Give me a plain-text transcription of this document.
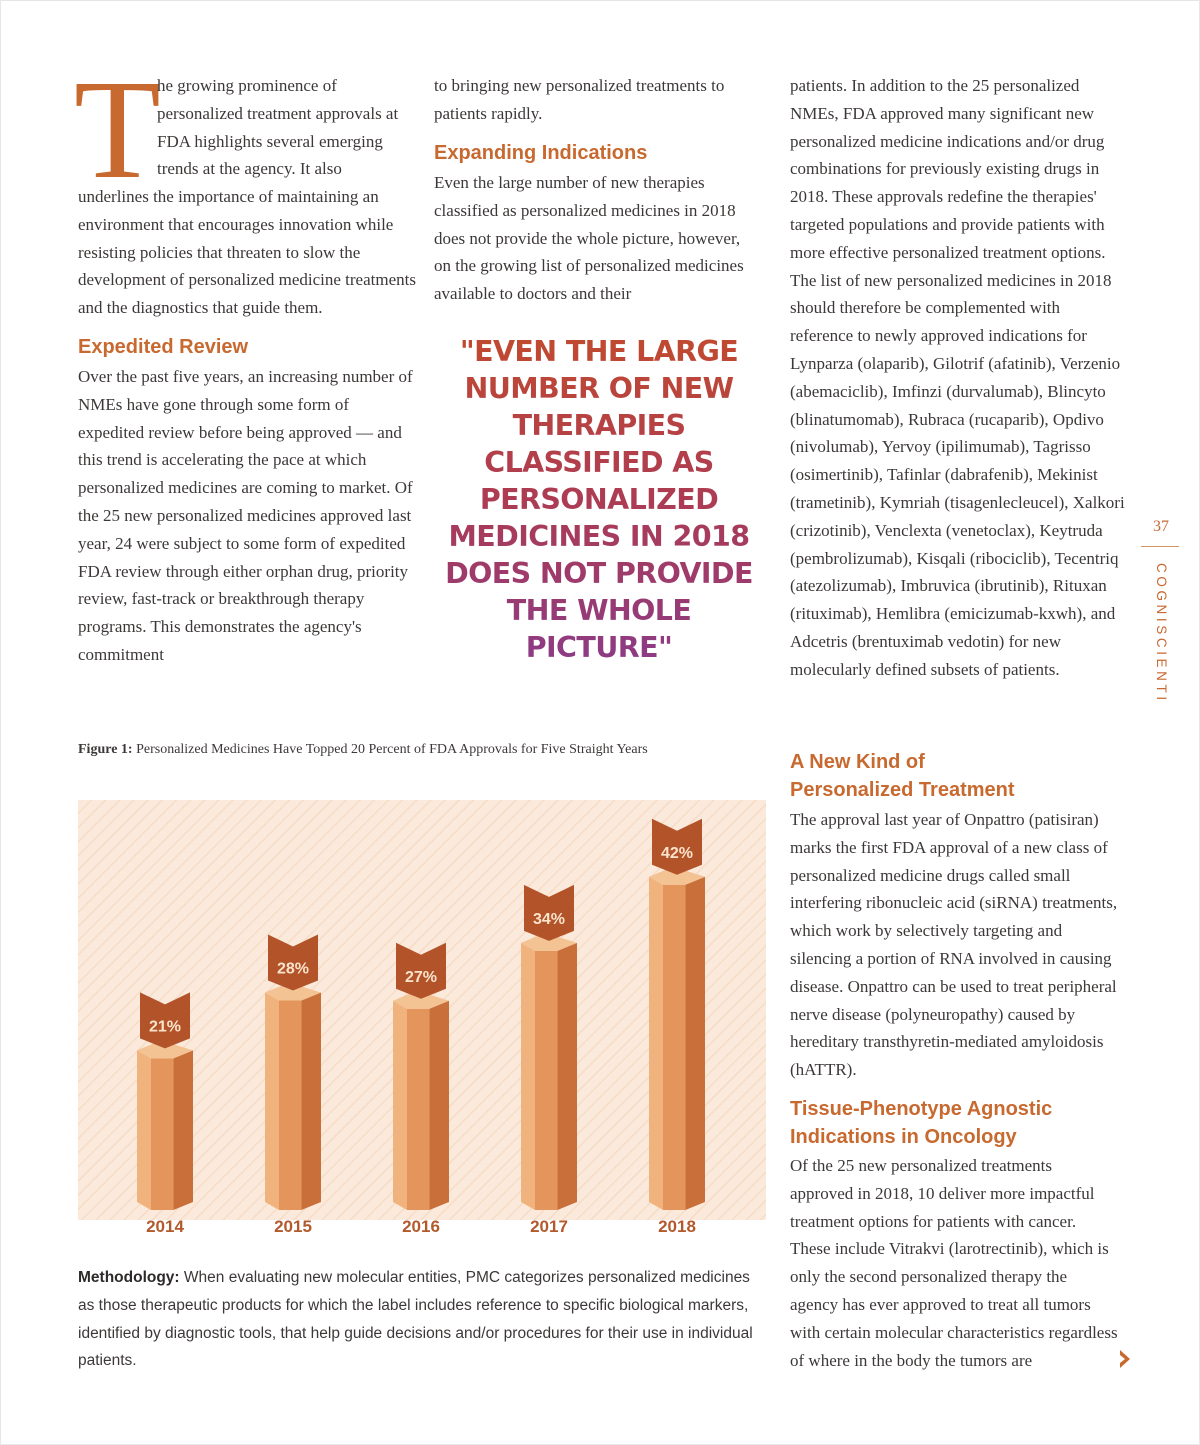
T

he growing prominence of personalized treatment approvals at FDA highlights several emerging trends at the agency. It also

underlines the importance of maintaining an environment that encourages innovation while resisting policies that threaten to slow the development of personalized medicine treatments and the diagnostics that guide them.

Expedited Review

Over the past five years, an increasing number of NMEs have gone through some form of expedited review before being approved — and this trend is accelerating the pace at which personalized medicines are coming to market. Of the 25 new personalized medicines approved last year, 24 were subject to some form of expedited FDA review through either orphan drug, priority review, fast-track or breakthrough therapy programs. This demonstrates the agency's commitment

to bringing new personalized treatments to patients rapidly.

Expanding Indications

Even the large number of new therapies classified as personalized medicines in 2018 does not provide the whole picture, however, on the growing list of personalized medicines available to doctors and their

"EVEN THE LARGE NUMBER OF NEW THERAPIES CLASSIFIED AS PERSONALIZED MEDICINES IN 2018 DOES NOT PROVIDE THE WHOLE PICTURE"

patients. In addition to the 25 personalized NMEs, FDA approved many significant new personalized medicine indications and/or drug combinations for previously existing drugs in 2018. These approvals redefine the therapies' targeted populations and provide patients with more effective personalized treatment options. The list of new personalized medicines in 2018 should therefore be complemented with reference to newly approved indications for Lynparza (olaparib), Gilotrif (afatinib), Verzenio (abemaciclib), Imfinzi (durvalumab), Blincyto (blinatumomab), Rubraca (rucaparib), Opdivo (nivolumab), Yervoy (ipilimumab), Tagrisso (osimertinib), Tafinlar (dabrafenib), Mekinist (trametinib), Kymriah (tisagenlecleucel), Xalkori (crizotinib), Venclexta (venetoclax), Keytruda (pembrolizumab), Kisqali (ribociclib), Tecentriq (atezolizumab), Imbruvica (ibrutinib), Rituxan (rituximab), Hemlibra (emicizumab-kxwh), and Adcetris (brentuximab vedotin) for new molecularly defined subsets of patients.

A New Kind of
Personalized Treatment

The approval last year of Onpattro (patisiran) marks the first FDA approval of a new class of personalized medicine drugs called small interfering ribonucleic acid (siRNA) treatments, which work by selectively targeting and silencing a portion of RNA involved in causing disease. Onpattro can be used to treat peripheral nerve disease (polyneuropathy) caused by hereditary transthyretin-mediated amyloidosis (hATTR).

Tissue-Phenotype Agnostic
Indications in Oncology

Of the 25 new personalized treatments approved in 2018, 10 deliver more impactful treatment options for patients with cancer. These include Vitrakvi (larotrectinib), which is only the second personalized therapy the agency has ever approved to treat all tumors with certain molecular characteristics regardless of where in the body the tumors are

Figure 1: Personalized Medicines Have Topped 20 Percent of FDA Approvals for Five Straight Years

21%
2014
28%
2015
27%
2016
34%
2017
42%
2018

Methodology: When evaluating new molecular entities, PMC categorizes personalized medicines as those therapeutic products for which the label includes reference to specific biological markers, identified by diagnostic tools, that help guide decisions and/or procedures for their use in individual patients.

37

COGNISCIENTI
